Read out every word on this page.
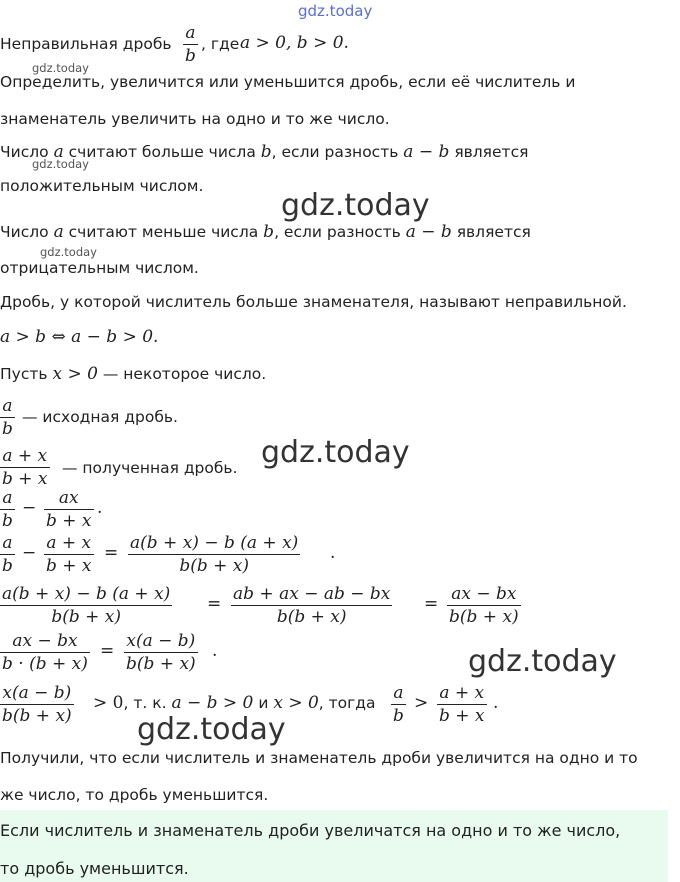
gdz.today
gdz.today
gdz.today
gdz.today
gdz.today
gdz.today
gdz.today
gdz.today
Неправильная дробь $\frac{a}{b}$ , где a > 0, b > 0.
Определить, увеличится или уменьшится дробь, если её числитель и
знаменатель увеличить на одно и то же число.
Число a считают больше числа b, если разность a − b является
положительным числом.
Число a считают меньше числа b, если разность a − b является
отрицательным числом.
Дробь, у которой числитель больше знаменателя, называют неправильной.
a > b ⇔ a − b > 0.
Пусть x > 0 — некоторое число.
$\frac{a}{b}$ — исходная дробь.
$\frac{a + x}{b + x}$ — полученная дробь.
$\frac{a}{b} - \frac{ax}{b + x}$ .
$\frac{a}{b} - \frac{a + x}{b + x} = \frac{a(b + x) - b (a + x)}{b(b + x)}$ .
$\frac{a(b + x) - b (a + x)}{b(b + x)} = \frac{ab + ax - ab - bx}{b(b + x)} = \frac{ax - bx}{b(b + x)}$
$\frac{ax - bx}{b \cdot (b + x)} = \frac{x(a - b)}{b(b + x)}$ .
$\frac{x(a - b)}{b(b + x)} > 0$, т. к. a − b > 0 и x > 0, тогда $\frac{a}{b} > \frac{a + x}{b + x}$ .
Получили, что если числитель и знаменатель дроби увеличится на одно и то
же число, то дробь уменьшится.
Если числитель и знаменатель дроби увеличатся на одно и то же число,
то дробь уменьшится.
